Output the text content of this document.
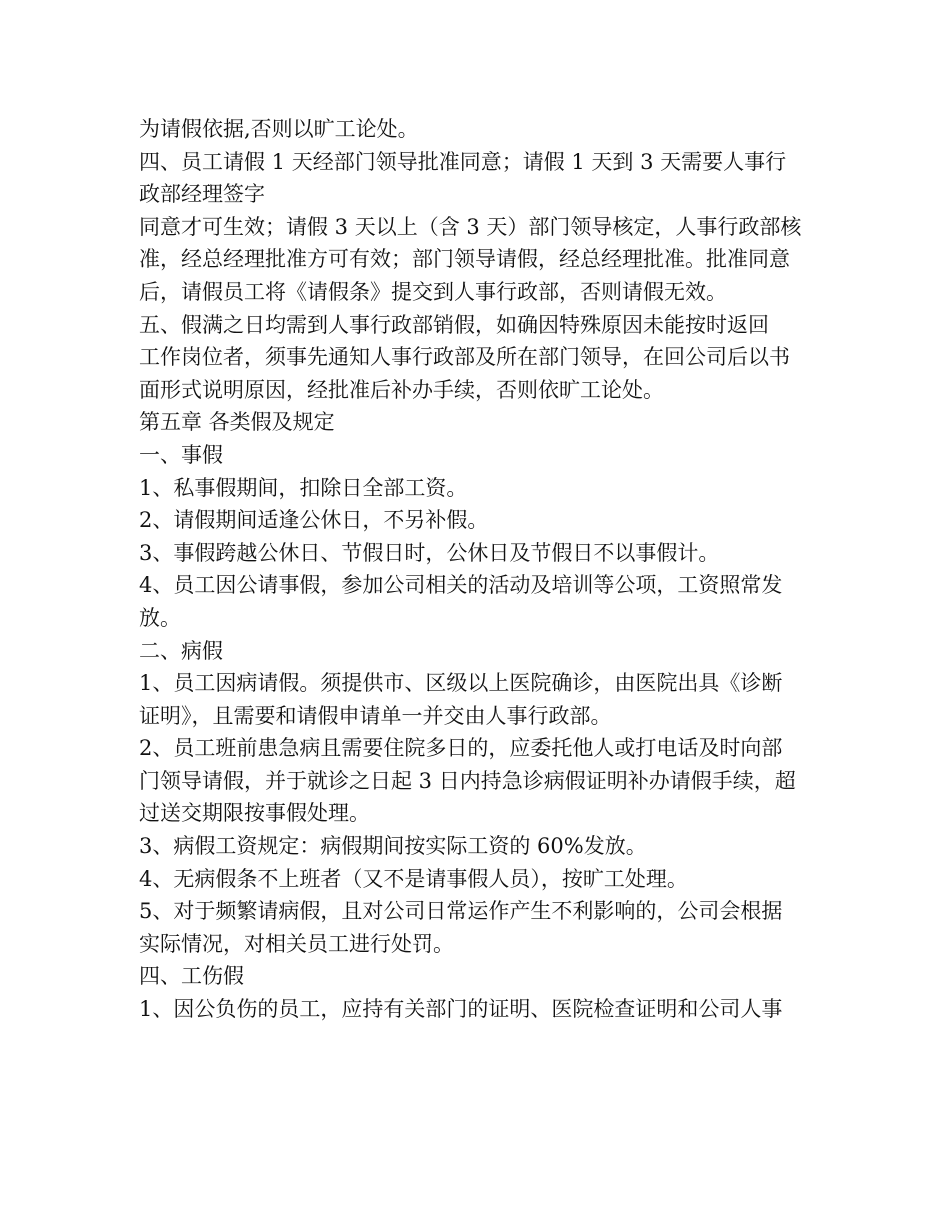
为请假依据,否则以旷工论处。

四、员工请假 1 天经部门领导批准同意；请假 1 天到 3 天需要人事行

政部经理签字

同意才可生效；请假 3 天以上（含 3 天）部门领导核定，人事行政部核

准，经总经理批准方可有效；部门领导请假，经总经理批准。批准同意

后，请假员工将《请假条》提交到人事行政部，否则请假无效。

五、假满之日均需到人事行政部销假，如确因特殊原因未能按时返回

工作岗位者，须事先通知人事行政部及所在部门领导，在回公司后以书

面形式说明原因，经批准后补办手续，否则依旷工论处。

第五章 各类假及规定

一、事假

1、私事假期间，扣除日全部工资。

2、请假期间适逢公休日，不另补假。

3、事假跨越公休日、节假日时，公休日及节假日不以事假计。

4、员工因公请事假，参加公司相关的活动及培训等公项，工资照常发

放。

二、病假

1、员工因病请假。须提供市、区级以上医院确诊，由医院出具《诊断

证明》，且需要和请假申请单一并交由人事行政部。

2、员工班前患急病且需要住院多日的，应委托他人或打电话及时向部

门领导请假，并于就诊之日起 3 日内持急诊病假证明补办请假手续，超

过送交期限按事假处理。

3、病假工资规定：病假期间按实际工资的 60%发放。

4、无病假条不上班者（又不是请事假人员），按旷工处理。

5、对于频繁请病假，且对公司日常运作产生不利影响的，公司会根据

实际情况，对相关员工进行处罚。

四、工伤假

1、因公负伤的员工，应持有关部门的证明、医院检查证明和公司人事
